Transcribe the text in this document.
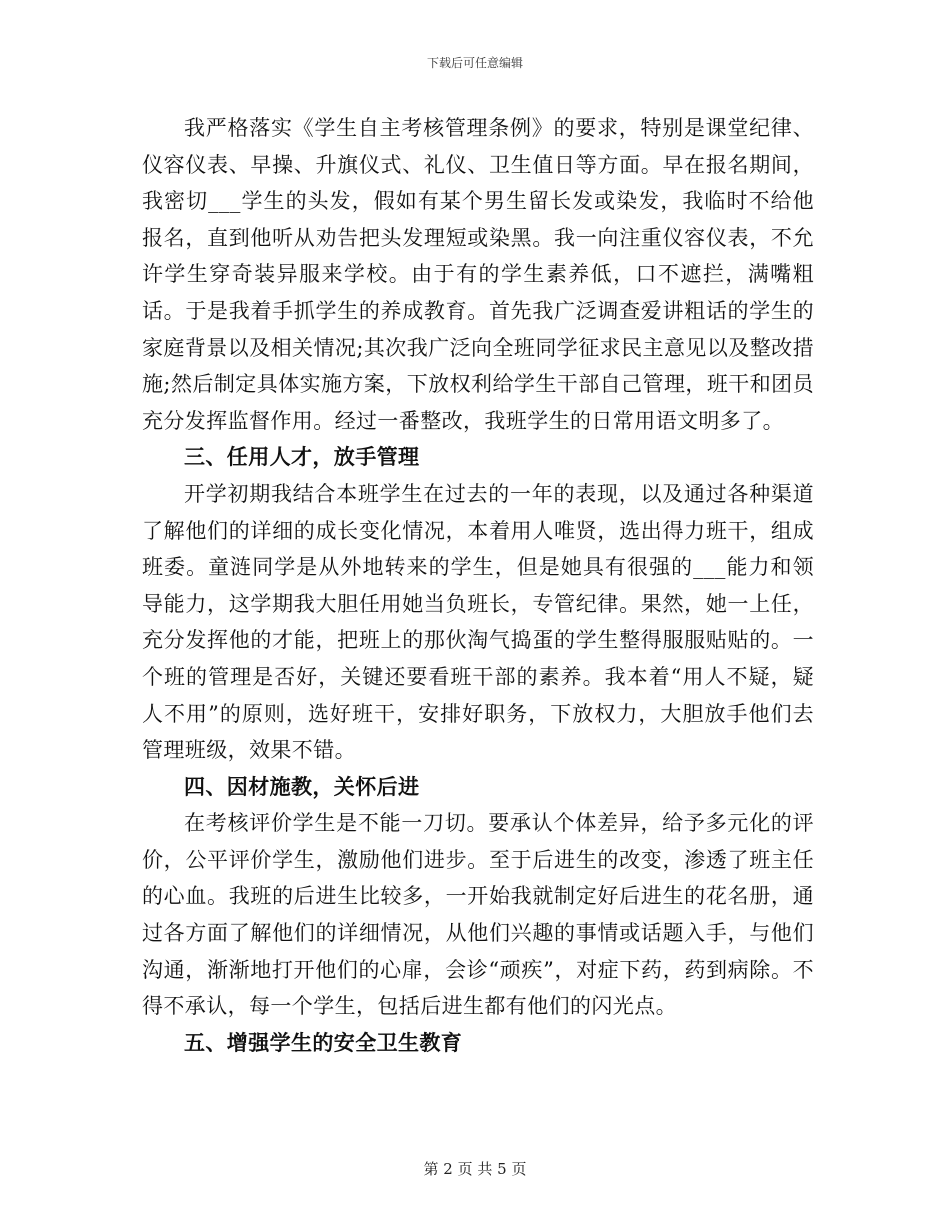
下载后可任意编辑

我严格落实《学生自主考核管理条例》的要求，特别是课堂纪律、仪容仪表、早操、升旗仪式、礼仪、卫生值日等方面。早在报名期间，我密切___学生的头发，假如有某个男生留长发或染发，我临时不给他报名，直到他听从劝告把头发理短或染黑。我一向注重仪容仪表，不允许学生穿奇装异服来学校。由于有的学生素养低，口不遮拦，满嘴粗话。于是我着手抓学生的养成教育。首先我广泛调查爱讲粗话的学生的家庭背景以及相关情况;其次我广泛向全班同学征求民主意见以及整改措施;然后制定具体实施方案，下放权利给学生干部自己管理，班干和团员充分发挥监督作用。经过一番整改，我班学生的日常用语文明多了。

三、任用人才，放手管理

开学初期我结合本班学生在过去的一年的表现，以及通过各种渠道了解他们的详细的成长变化情况，本着用人唯贤，选出得力班干，组成班委。童涟同学是从外地转来的学生，但是她具有很强的___能力和领导能力，这学期我大胆任用她当负班长，专管纪律。果然，她一上任，充分发挥他的才能，把班上的那伙淘气捣蛋的学生整得服服贴贴的。一个班的管理是否好，关键还要看班干部的素养。我本着“用人不疑，疑人不用”的原则，选好班干，安排好职务，下放权力，大胆放手他们去管理班级，效果不错。

四、因材施教，关怀后进

在考核评价学生是不能一刀切。要承认个体差异，给予多元化的评价，公平评价学生，激励他们进步。至于后进生的改变，渗透了班主任的心血。我班的后进生比较多，一开始我就制定好后进生的花名册，通过各方面了解他们的详细情况，从他们兴趣的事情或话题入手，与他们沟通，渐渐地打开他们的心扉，会诊“顽疾”，对症下药，药到病除。不得不承认，每一个学生，包括后进生都有他们的闪光点。

五、增强学生的安全卫生教育

第 2 页 共 5 页
